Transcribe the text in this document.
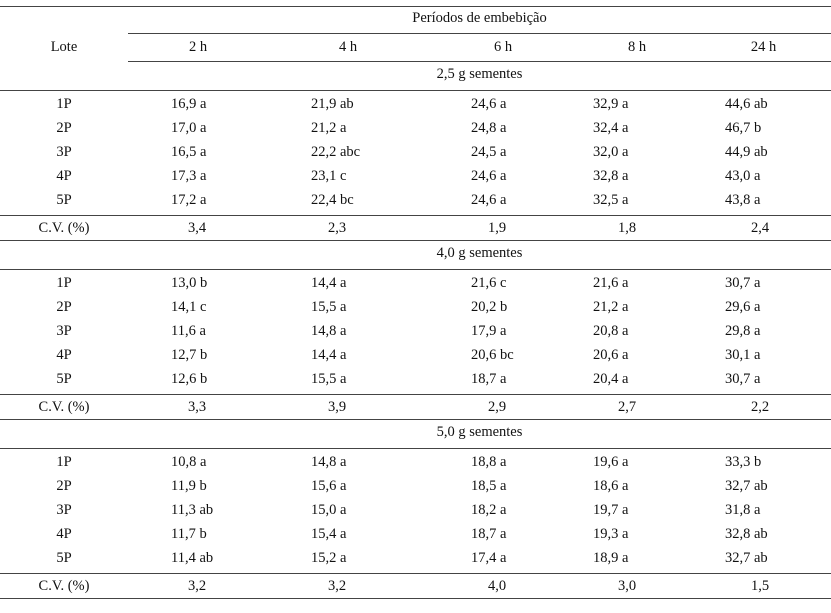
Lote
Períodos de embebição
2 h	4 h	6 h	8 h	24 h
2,5 g sementes
1P	16,9 a	21,9 ab	24,6 a	32,9 a	44,6 ab
2P	17,0 a	21,2 a	24,8 a	32,4 a	46,7 b
3P	16,5 a	22,2 abc	24,5 a	32,0 a	44,9 ab
4P	17,3 a	23,1 c	24,6 a	32,8 a	43,0 a
5P	17,2 a	22,4 bc	24,6 a	32,5 a	43,8 a
C.V. (%)	3,4	2,3	1,9	1,8	2,4
4,0 g sementes
1P	13,0 b	14,4 a	21,6 c	21,6 a	30,7 a
2P	14,1 c	15,5 a	20,2 b	21,2 a	29,6 a
3P	11,6 a	14,8 a	17,9 a	20,8 a	29,8 a
4P	12,7 b	14,4 a	20,6 bc	20,6 a	30,1 a
5P	12,6 b	15,5 a	18,7 a	20,4 a	30,7 a
C.V. (%)	3,3	3,9	2,9	2,7	2,2
5,0 g sementes
1P	10,8 a	14,8 a	18,8 a	19,6 a	33,3 b
2P	11,9 b	15,6 a	18,5 a	18,6 a	32,7 ab
3P	11,3 ab	15,0 a	18,2 a	19,7 a	31,8 a
4P	11,7 b	15,4 a	18,7 a	19,3 a	32,8 ab
5P	11,4 ab	15,2 a	17,4 a	18,9 a	32,7 ab
C.V. (%)	3,2	3,2	4,0	3,0	1,5
